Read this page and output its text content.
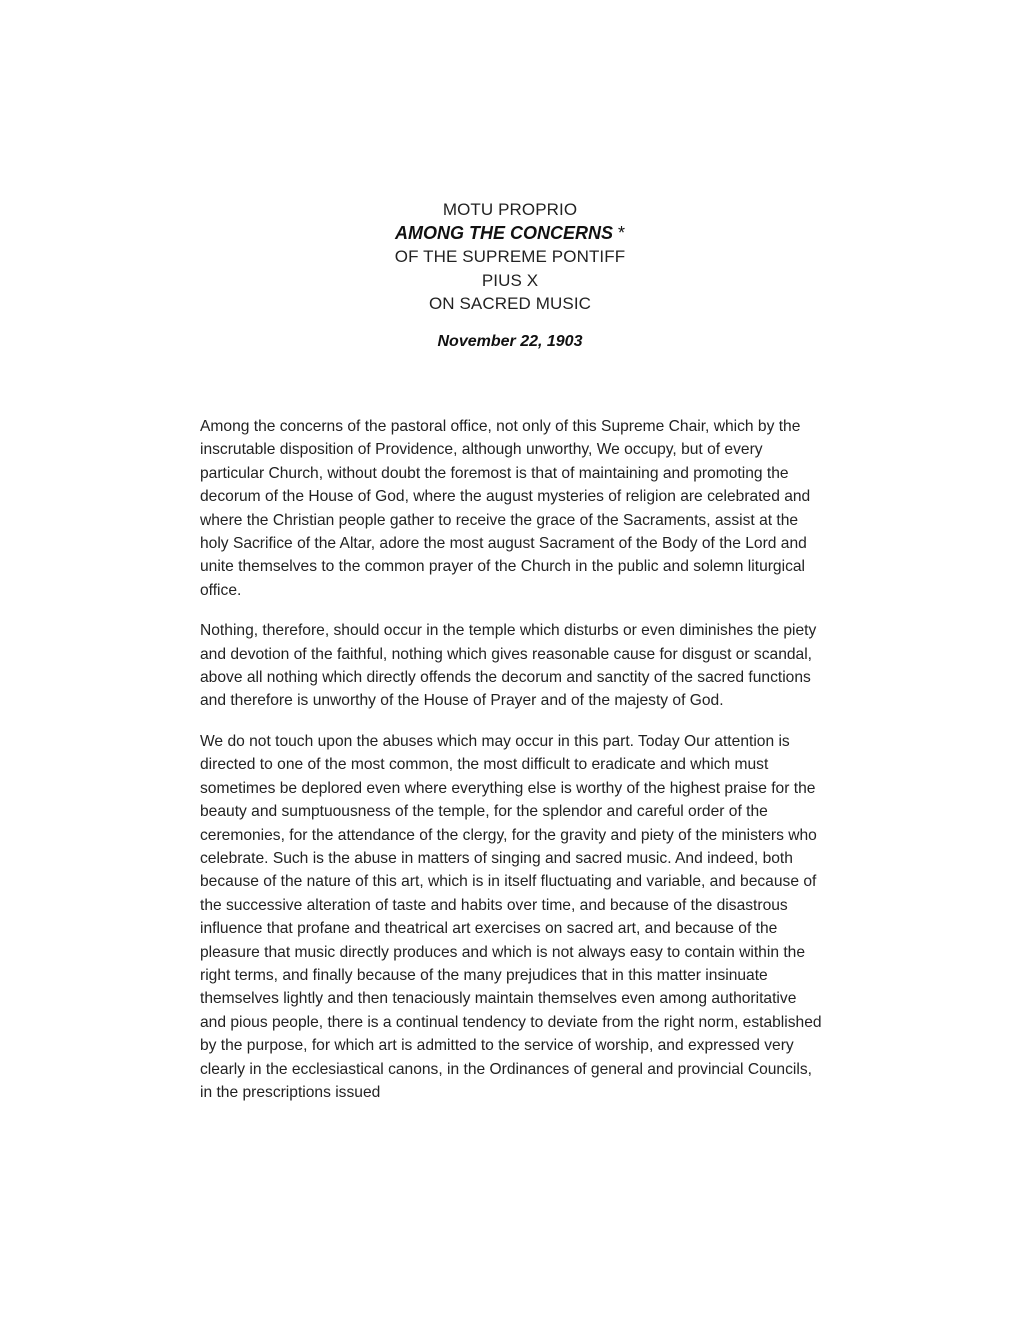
MOTU PROPRIO
AMONG THE CONCERNS *
OF THE SUPREME PONTIFF
PIUS X
ON SACRED MUSIC
November 22, 1903

Among the concerns of the pastoral office, not only of this Supreme Chair, which by the inscrutable disposition of Providence, although unworthy, We occupy, but of every particular Church, without doubt the foremost is that of maintaining and promoting the decorum of the House of God, where the august mysteries of religion are celebrated and where the Christian people gather to receive the grace of the Sacraments, assist at the holy Sacrifice of the Altar, adore the most august Sacrament of the Body of the Lord and unite themselves to the common prayer of the Church in the public and solemn liturgical office.

Nothing, therefore, should occur in the temple which disturbs or even diminishes the piety and devotion of the faithful, nothing which gives reasonable cause for disgust or scandal, above all nothing which directly offends the decorum and sanctity of the sacred functions and therefore is unworthy of the House of Prayer and of the majesty of God.

We do not touch upon the abuses which may occur in this part. Today Our attention is directed to one of the most common, the most difficult to eradicate and which must sometimes be deplored even where everything else is worthy of the highest praise for the beauty and sumptuousness of the temple, for the splendor and careful order of the ceremonies, for the attendance of the clergy, for the gravity and piety of the ministers who celebrate. Such is the abuse in matters of singing and sacred music. And indeed, both because of the nature of this art, which is in itself fluctuating and variable, and because of the successive alteration of taste and habits over time, and because of the disastrous influence that profane and theatrical art exercises on sacred art, and because of the pleasure that music directly produces and which is not always easy to contain within the right terms, and finally because of the many prejudices that in this matter insinuate themselves lightly and then tenaciously maintain themselves even among authoritative and pious people, there is a continual tendency to deviate from the right norm, established by the purpose, for which art is admitted to the service of worship, and expressed very clearly in the ecclesiastical canons, in the Ordinances of general and provincial Councils, in the prescriptions issued
